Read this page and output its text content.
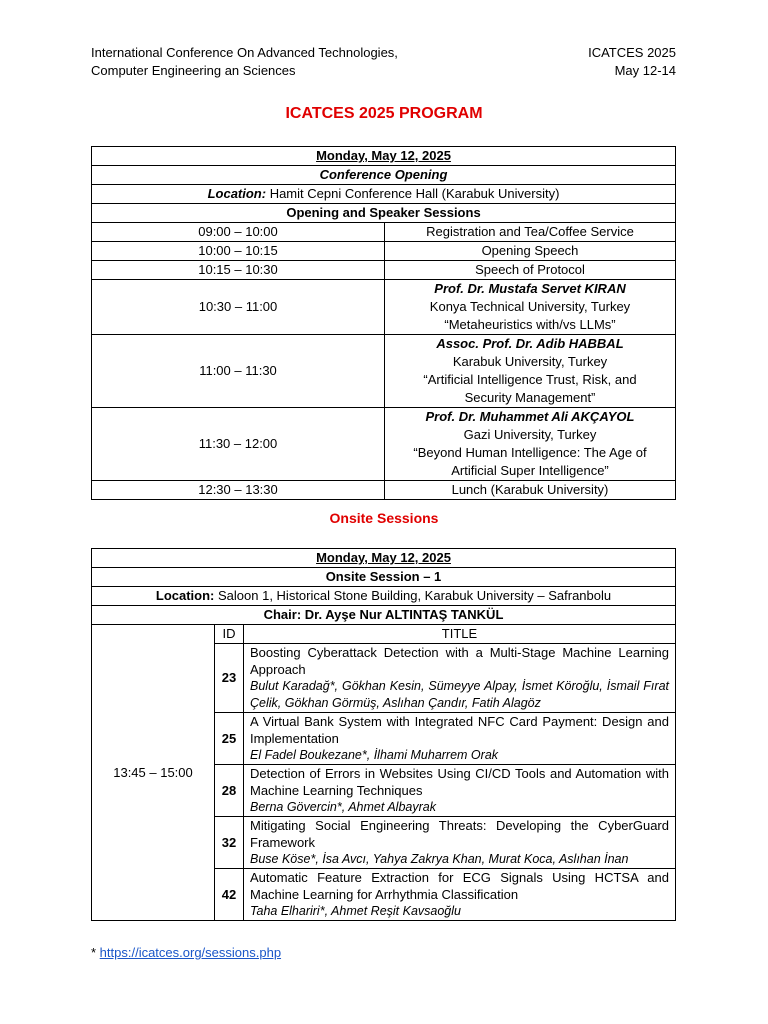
International Conference On Advanced Technologies,
Computer Engineering an Sciences
ICATCES 2025
May 12-14
ICATCES 2025 PROGRAM
Monday, May 12, 2025	
Conference Opening	
Location: Hamit Cepni Conference Hall (Karabuk University)	
Opening and Speaker Sessions	
09:00 – 10:00	Registration and Tea/Coffee Service
10:00 – 10:15	Opening Speech
10:15 – 10:30	Speech of Protocol
10:30 – 11:00	Prof. Dr. Mustafa Servet KIRAN
Konya Technical University, Turkey
“Metaheuristics with/vs LLMs”

11:00 – 11:30	Assoc. Prof. Dr. Adib HABBAL
Karabuk University, Turkey
“Artificial Intelligence Trust, Risk, and Security Management”

11:30 – 12:00	Prof. Dr. Muhammet Ali AKÇAYOL
Gazi University, Turkey
“Beyond Human Intelligence: The Age of Artificial Super Intelligence”

12:30 – 13:30	Lunch (Karabuk University)
Onsite Sessions
Monday, May 12, 2025		
Onsite Session – 1		
Location: Saloon 1, Historical Stone Building, Karabuk University – Safranbolu		
Chair: Dr. Ayşe Nur ALTINTAŞ TANKÜL		
13:45 – 15:00	ID	TITLE
	23	Boosting Cyberattack Detection with a Multi-Stage Machine Learning Approach
Bulut Karadağ*, Gökhan Kesin, Sümeyye Alpay, İsmet Köroğlu, İsmail Fırat Çelik, Gökhan Görmüş, Aslıhan Çandır, Fatih Alagöz

	25	A Virtual Bank System with Integrated NFC Card Payment: Design and Implementation
El Fadel Boukezane*, İlhami Muharrem Orak

	28	Detection of Errors in Websites Using CI/CD Tools and Automation with Machine Learning Techniques
Berna Gövercin*, Ahmet Albayrak

	32	Mitigating Social Engineering Threats: Developing the CyberGuard Framework
Buse Köse*, İsa Avcı, Yahya Zakrya Khan, Murat Koca, Aslıhan İnan

	42	Automatic Feature Extraction for ECG Signals Using HCTSA and Machine Learning for Arrhythmia Classification
Taha Elhariri*, Ahmet Reşit Kavsaoğlu
* https://icatces.org/sessions.php
